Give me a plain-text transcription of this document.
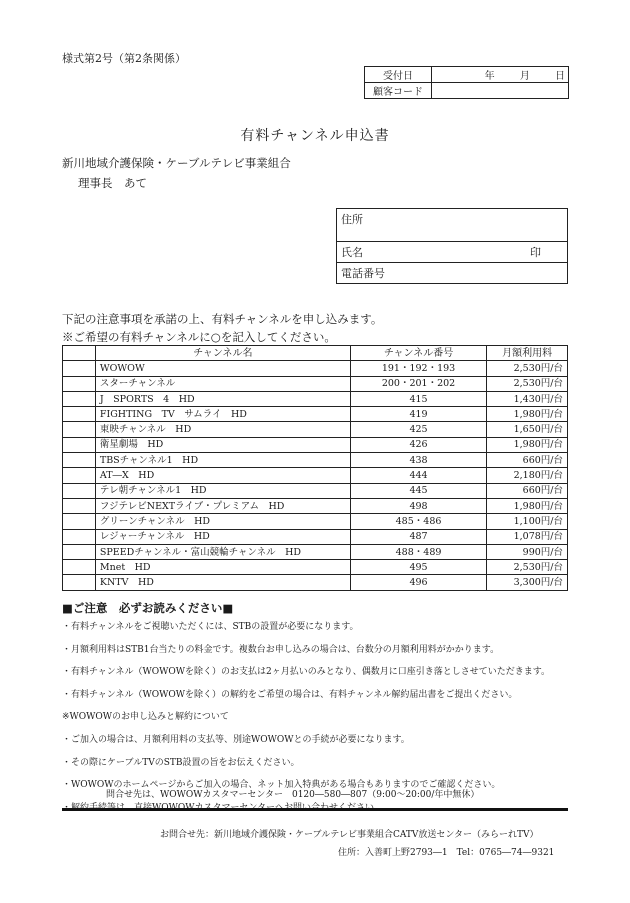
様式第2号（第2条関係）
受付日	年 月 日
顧客コード	
有料チャンネル申込書
新川地域介護保険・ケーブルテレビ事業組合
理事長　あて
住所
氏名	印

電話番号
下記の注意事項を承諾の上、有料チャンネルを申し込みます。
※ご希望の有料チャンネルに○を記入してください。
	チャンネル名	チャンネル番号	月額利用料
	WOWOW	191・192・193	2,530円/台
	スターチャンネル	200・201・202	2,530円/台
	J　SPORTS　4　HD	415	1,430円/台
	FIGHTING　TV　サムライ　HD	419	1,980円/台
	東映チャンネル　HD	425	1,650円/台
	衛星劇場　HD	426	1,980円/台
	TBSチャンネル1　HD	438	660円/台
	AT―X　HD	444	2,180円/台
	テレ朝チャンネル1　HD	445	660円/台
	フジテレビNEXTライブ・プレミアム　HD	498	1,980円/台
	グリーンチャンネル　HD	485・486	1,100円/台
	レジャーチャンネル　HD	487	1,078円/台
	SPEEDチャンネル・富山競輪チャンネル　HD	488・489	990円/台
	Mnet　HD	495	2,530円/台
	KNTV　HD	496	3,300円/台
■ご注意　必ずお読みください■
・有料チャンネルをご視聴いただくには、STBの設置が必要になります。
・月額利用料はSTB1台当たりの料金です。複数台お申し込みの場合は、台数分の月額利用料がかかります。
・有料チャンネル（WOWOWを除く）のお支払は2ヶ月払いのみとなり、偶数月に口座引き落としさせていただきます。
・有料チャンネル（WOWOWを除く）の解約をご希望の場合は、有料チャンネル解約届出書をご提出ください。
※WOWOWのお申し込みと解約について
・ご加入の場合は、月額利用料の支払等、別途WOWOWとの手続が必要になります。
・その際にケーブルTVのSTB設置の旨をお伝えください。
・WOWOWのホームページからご加入の場合、ネット加入特典がある場合もありますのでご確認ください。
・解約手続等は、直接WOWOWカスタマーセンターへお問い合わせください。
問合せ先は、WOWOWカスタマーセンター　0120―580―807（9:00～20:00/年中無休）
お問合せ先：新川地域介護保険・ケーブルテレビ事業組合CATV放送センター（みらーれTV）
住所：入善町上野2793―1　Tel：0765―74―9321
